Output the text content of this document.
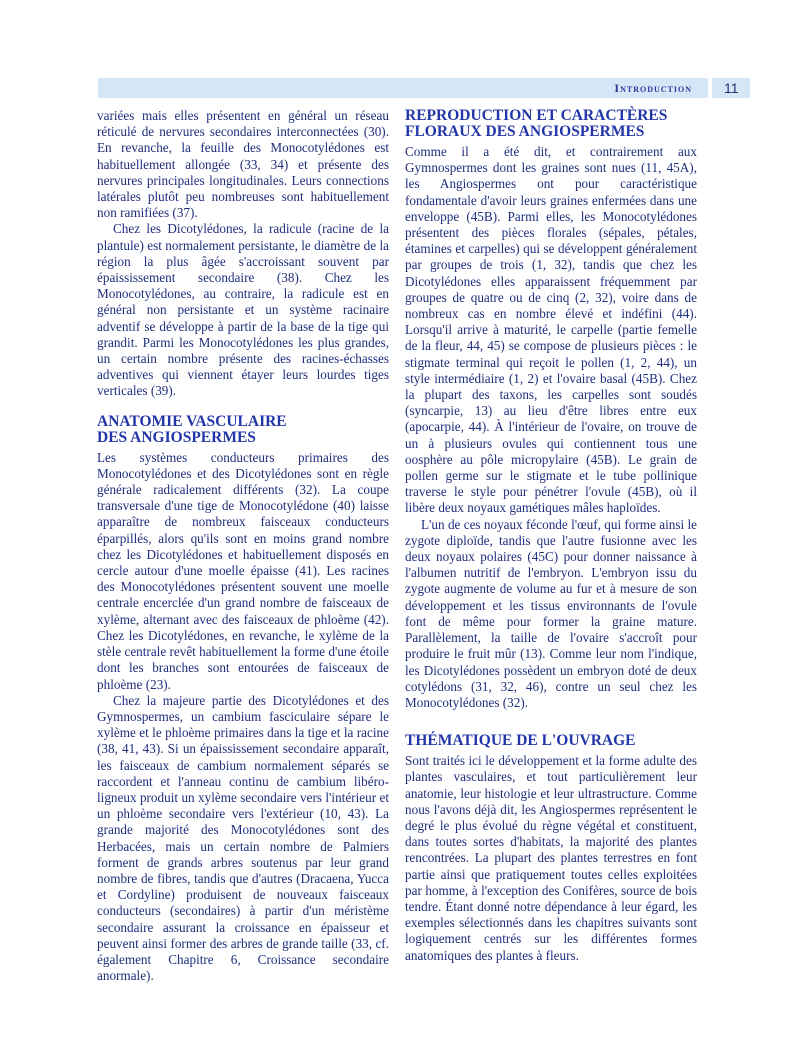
Introduction 11

variées mais elles présentent en général un réseau réticulé de nervures secondaires interconnectées (30). En revanche, la feuille des Monocotylédones est habituellement allongée (33, 34) et présente des nervures principales longitudinales. Leurs connections latérales plutôt peu nombreuses sont habituellement non ramifiées (37).

Chez les Dicotylédones, la radicule (racine de la plantule) est normalement persistante, le diamètre de la région la plus âgée s'accroissant souvent par épaississement secondaire (38). Chez les Monocotylédones, au contraire, la radicule est en général non persistante et un système racinaire adventif se développe à partir de la base de la tige qui grandit. Parmi les Monocotylédones les plus grandes, un certain nombre présente des racines-échasses adventives qui viennent étayer leurs lourdes tiges verticales (39).

ANATOMIE VASCULAIRE
DES ANGIOSPERMES

Les systèmes conducteurs primaires des Monocotylédones et des Dicotylédones sont en règle générale radicalement différents (32). La coupe transversale d'une tige de Monocotylédone (40) laisse apparaître de nombreux faisceaux conducteurs éparpillés, alors qu'ils sont en moins grand nombre chez les Dicotylédones et habituellement disposés en cercle autour d'une moelle épaisse (41). Les racines des Monocotylédones présentent souvent une moelle centrale encerclée d'un grand nombre de faisceaux de xylème, alternant avec des faisceaux de phloème (42). Chez les Dicotylédones, en revanche, le xylème de la stèle centrale revêt habituellement la forme d'une étoile dont les branches sont entourées de faisceaux de phloème (23).

Chez la majeure partie des Dicotylédones et des Gymnospermes, un cambium fasciculaire sépare le xylème et le phloème primaires dans la tige et la racine (38, 41, 43). Si un épaississement secondaire apparaît, les faisceaux de cambium normalement séparés se raccordent et l'anneau continu de cambium libéro-ligneux produit un xylème secondaire vers l'intérieur et un phloème secondaire vers l'extérieur (10, 43). La grande majorité des Monocotylédones sont des Herbacées, mais un certain nombre de Palmiers forment de grands arbres soutenus par leur grand nombre de fibres, tandis que d'autres (Dracaena, Yucca et Cordyline) produisent de nouveaux faisceaux conducteurs (secondaires) à partir d'un méristème secondaire assurant la croissance en épaisseur et peuvent ainsi former des arbres de grande taille (33, cf. également Chapitre 6, Croissance secondaire anormale).

REPRODUCTION ET CARACTÈRES
FLORAUX DES ANGIOSPERMES

Comme il a été dit, et contrairement aux Gymnospermes dont les graines sont nues (11, 45A), les Angiospermes ont pour caractéristique fondamentale d'avoir leurs graines enfermées dans une enveloppe (45B). Parmi elles, les Monocotylédones présentent des pièces florales (sépales, pétales, étamines et carpelles) qui se développent généralement par groupes de trois (1, 32), tandis que chez les Dicotylédones elles apparaissent fréquemment par groupes de quatre ou de cinq (2, 32), voire dans de nombreux cas en nombre élevé et indéfini (44). Lorsqu'il arrive à maturité, le carpelle (partie femelle de la fleur, 44, 45) se compose de plusieurs pièces : le stigmate terminal qui reçoit le pollen (1, 2, 44), un style intermédiaire (1, 2) et l'ovaire basal (45B). Chez la plupart des taxons, les carpelles sont soudés (syncarpie, 13) au lieu d'être libres entre eux (apocarpie, 44). À l'intérieur de l'ovaire, on trouve de un à plusieurs ovules qui contiennent tous une oosphère au pôle micropylaire (45B). Le grain de pollen germe sur le stigmate et le tube pollinique traverse le style pour pénétrer l'ovule (45B), où il libère deux noyaux gamétiques mâles haploïdes.

L'un de ces noyaux féconde l'œuf, qui forme ainsi le zygote diploïde, tandis que l'autre fusionne avec les deux noyaux polaires (45C) pour donner naissance à l'albumen nutritif de l'embryon. L'embryon issu du zygote augmente de volume au fur et à mesure de son développement et les tissus environnants de l'ovule font de même pour former la graine mature. Parallèlement, la taille de l'ovaire s'accroît pour produire le fruit mûr (13). Comme leur nom l'indique, les Dicotylédones possèdent un embryon doté de deux cotylédons (31, 32, 46), contre un seul chez les Monocotylédones (32).

THÉMATIQUE DE L'OUVRAGE

Sont traités ici le développement et la forme adulte des plantes vasculaires, et tout particulièrement leur anatomie, leur histologie et leur ultrastructure. Comme nous l'avons déjà dit, les Angiospermes représentent le degré le plus évolué du règne végétal et constituent, dans toutes sortes d'habitats, la majorité des plantes rencontrées. La plupart des plantes terrestres en font partie ainsi que pratiquement toutes celles exploitées par homme, à l'exception des Conifères, source de bois tendre. Étant donné notre dépendance à leur égard, les exemples sélectionnés dans les chapitres suivants sont logiquement centrés sur les différentes formes anatomiques des plantes à fleurs.
